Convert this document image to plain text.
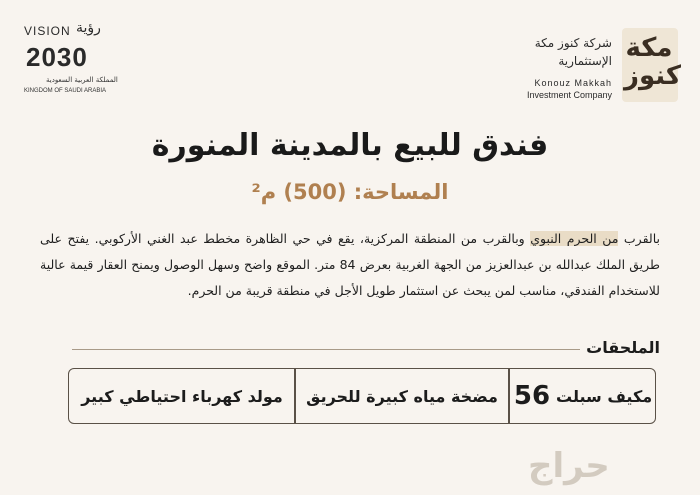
VISION رؤية
2030
المملكة العربية السعودية
KINGDOM OF SAUDI ARABIA
مكة كنوز
شركة كنوز مكة
الإستثمارية
Konouz Makkah
Investment Company
فندق للبيع بالمدينة المنورة
المساحة: (500) م²
بالقرب من الحرم النبوي وبالقرب من المنطقة المركزية، يقع في حي الظاهرة مخطط عبد الغني الأركوبي. يفتح على طريق الملك عبدالله بن عبدالعزيز من الجهة الغربية بعرض 84 متر. الموقع واضح وسهل الوصول ويمنح العقار قيمة عالية للاستخدام الفندقي، مناسب لمن يبحث عن استثمار طويل الأجل في منطقة قريبة من الحرم.
الملحقات
مكيف سبلت
56
مضخة مياه كبيرة للحريق
مولد كهرباء احتياطي كبير
حراج
